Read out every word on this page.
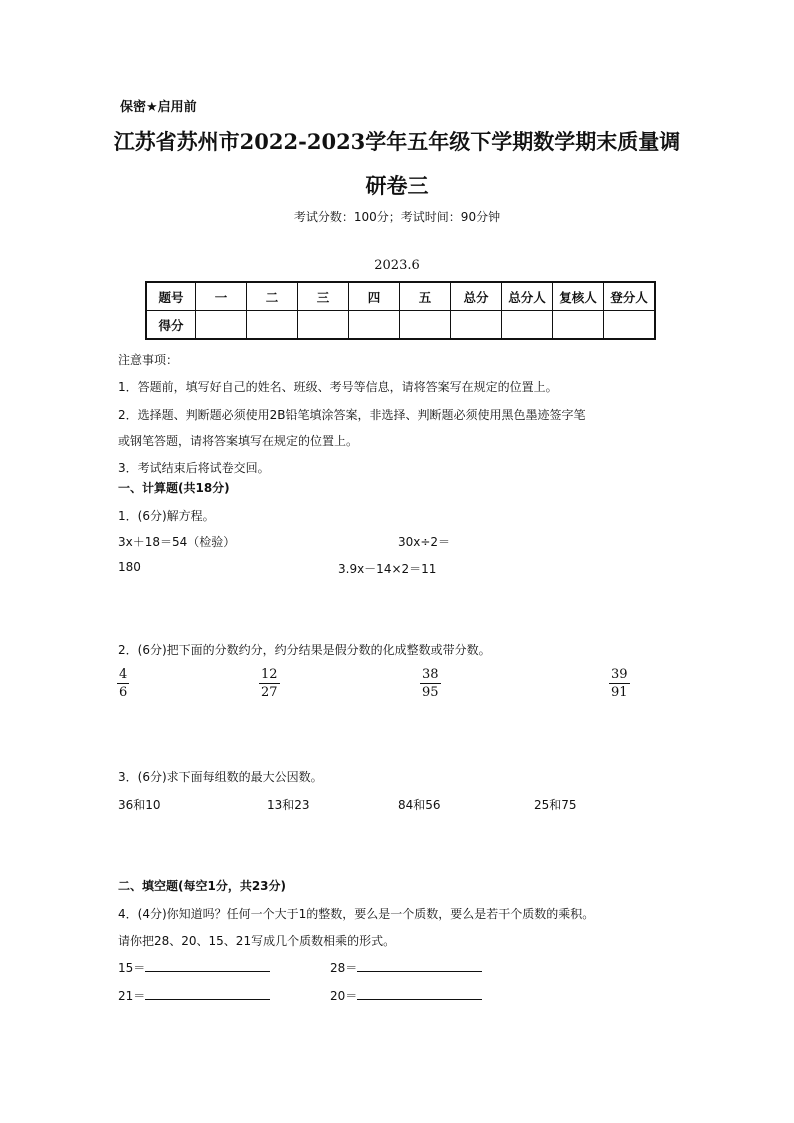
保密★启用前
江苏省苏州市2022-2023学年五年级下学期数学期末质量调
研卷三
考试分数：100分；考试时间：90分钟
2023.6
题号	一	二	三	四	五	总分	总分人	复核人	登分人
得分									
注意事项：
1．答题前，填写好自己的姓名、班级、考号等信息，请将答案写在规定的位置上。
2．选择题、判断题必须使用2B铅笔填涂答案，非选择、判断题必须使用黑色墨迹签字笔
或钢笔答题，请将答案填写在规定的位置上。
3．考试结束后将试卷交回。
一、计算题(共18分)
1．(6分)解方程。
3x＋18＝54（检验）	30x÷2＝
180	3.9x－14×2＝11
2．(6分)把下面的分数约分，约分结果是假分数的化成整数或带分数。
$\frac{4}{6}$	$\frac{12}{27}$	$\frac{38}{95}$	$\frac{39}{91}$
3．(6分)求下面每组数的最大公因数。
36和10	13和23	84和56	25和75
二、填空题(每空1分，共23分)
4．(4分)你知道吗？任何一个大于1的整数，要么是一个质数，要么是若干个质数的乘积。
请你把28、20、15、21写成几个质数相乘的形式。
15＝	28＝
21＝	20＝
